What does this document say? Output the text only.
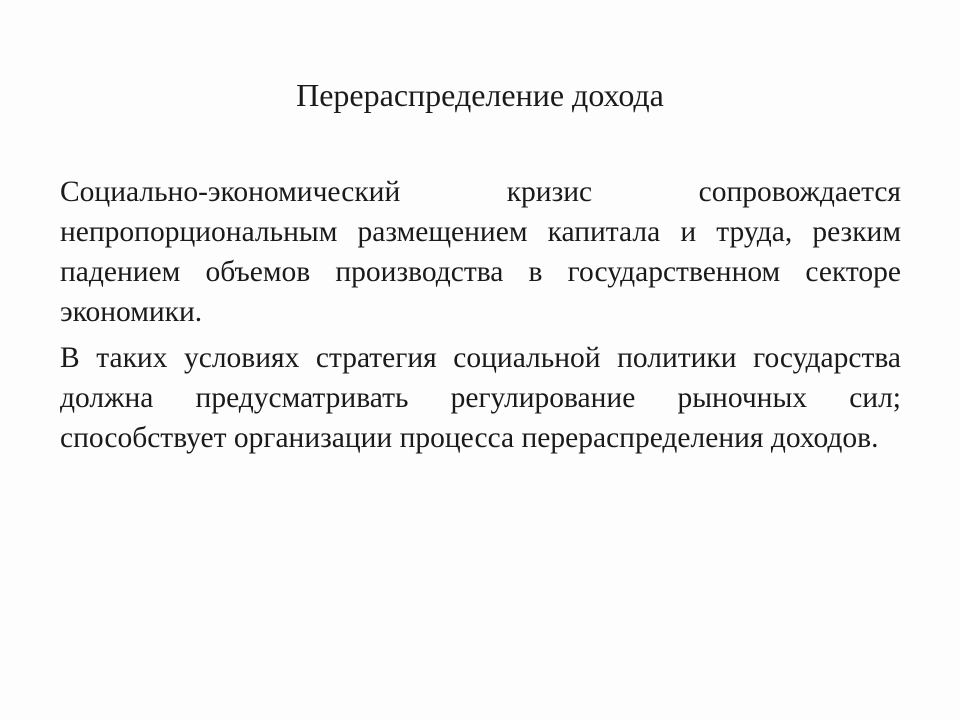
Перераспределение дохода

Социально-экономический кризис сопровождается непропорциональным размещением капитала и труда, резким падением объемов производства в государственном секторе экономики.

В таких условиях стратегия социальной политики государства должна предусматривать регулирование рыночных сил; способствует организации процесса перераспределения доходов.
